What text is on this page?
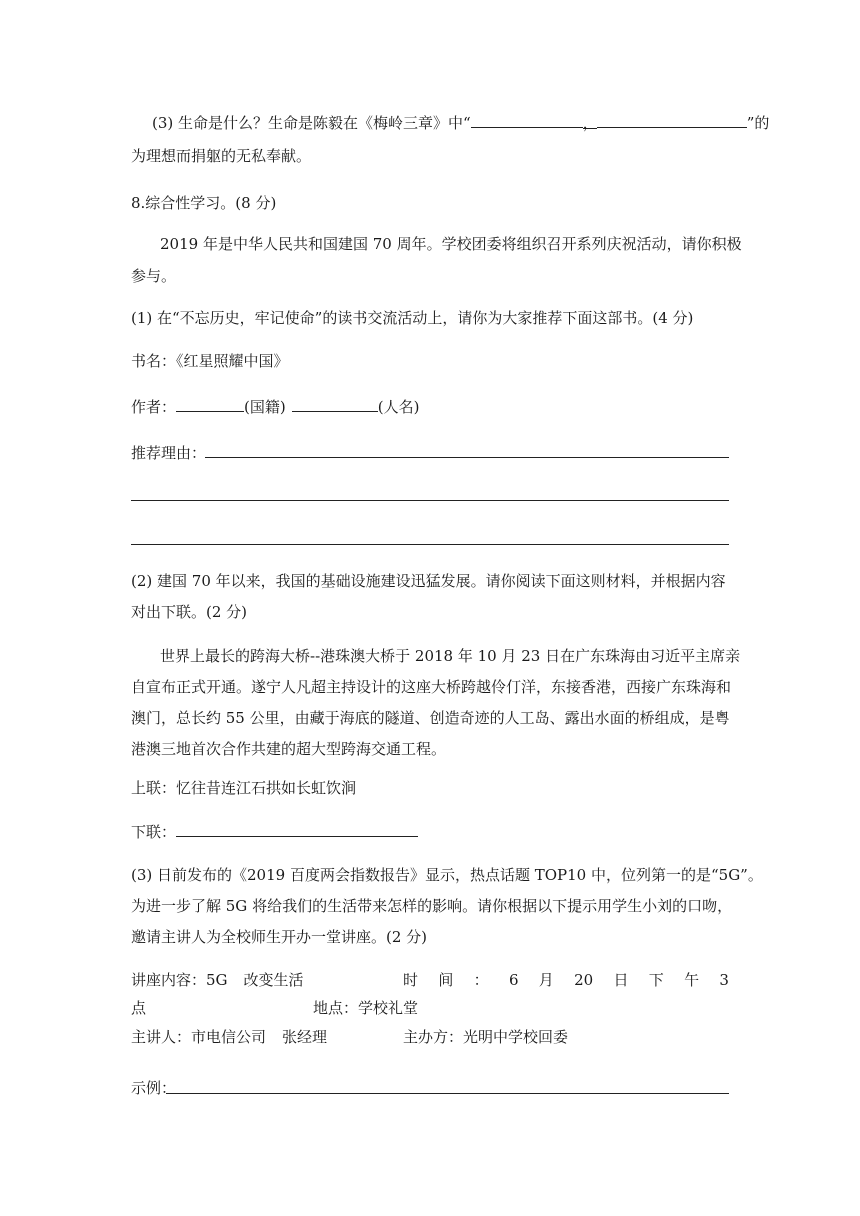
(3) 生命是什么？生命是陈毅在《梅岭三章》中“	，	”的
为理想而捐躯的无私奉献。
8.综合性学习。(8 分)
2019 年是中华人民共和国建国 70 周年。学校团委将组织召开系列庆祝活动，请你积极
参与。
(1) 在“不忘历史，牢记使命”的读书交流活动上，请你为大家推荐下面这部书。(4 分)
书名：《红星照耀中国》
作者：	(国籍)	(人名)
推荐理由：
(2) 建国 70 年以来，我国的基础设施建设迅猛发展。请你阅读下面这则材料，并根据内容
对出下联。(2 分)
世界上最长的跨海大桥--港珠澳大桥于 2018 年 10 月 23 日在广东珠海由习近平主席亲
自宣布正式开通。遂宁人凡超主持设计的这座大桥跨越伶仃洋，东接香港，西接广东珠海和
澳门，总长约 55 公里，由藏于海底的隧道、创造奇迹的人工岛、露出水面的桥组成，是粤
港澳三地首次合作共建的超大型跨海交通工程。
上联：忆往昔连江石拱如长虹饮涧
下联：
(3) 日前发布的《2019 百度两会指数报告》显示，热点话题 TOP10 中，位列第一的是“5G”。
为进一步了解 5G 将给我们的生活带来怎样的影响。请你根据以下提示用学生小刘的口吻，
邀请主讲人为全校师生开办一堂讲座。(2 分)
讲座内容：5G 改变生活	时 间 ： 6 月 20 日 下 午 3
点	地点：学校礼堂
主讲人：市电信公司 张经理	主办方：光明中学校回委
示例：
